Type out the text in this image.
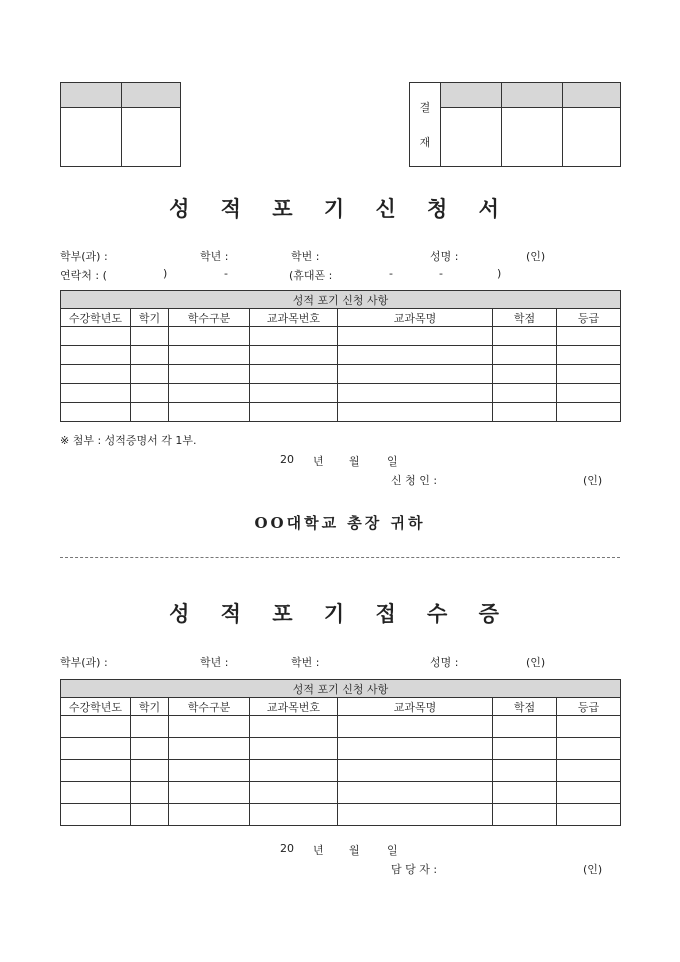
결
재			

성 적 포 기 신 청 서
학부(과) :	학년 :	학번 :	성명 :	(인)
연락처 : (	)	-	(휴대폰 :	-	-	)
성적 포기 신청 사항						
수강학년도	학기	학수구분	교과목번호	교과목명	학점	등급

※ 첨부 : 성적증명서 각 1부.
20 년 월 일
신 청 인 :	(인)
ΟΟ대학교 총장 귀하
성 적 포 기 접 수 증
학부(과) :	학년 :	학번 :	성명 :	(인)
성적 포기 신청 사항						
수강학년도	학기	학수구분	교과목번호	교과목명	학점	등급

20 년 월 일
담 당 자 :	(인)
